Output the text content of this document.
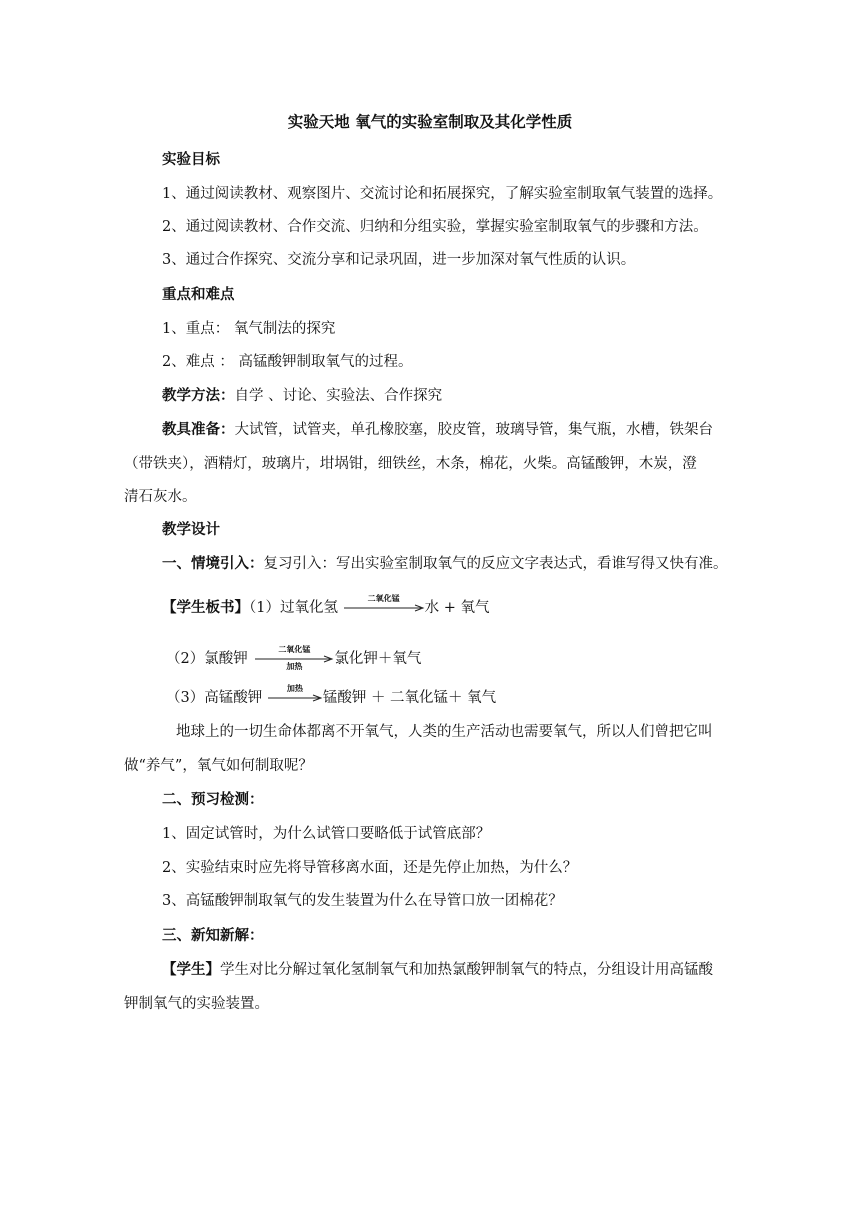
实验天地 氧气的实验室制取及其化学性质
实验目标
1、通过阅读教材、观察图片、交流讨论和拓展探究，了解实验室制取氧气装置的选择。
2、通过阅读教材、合作交流、归纳和分组实验，掌握实验室制取氧气的步骤和方法。
3、通过合作探究、交流分享和记录巩固，进一步加深对氧气性质的认识。
重点和难点
1、重点： 氧气制法的探究
2、难点 ： 高锰酸钾制取氧气的过程。
教学方法：自学 、讨论、实验法、合作探究
教具准备：大试管，试管夹，单孔橡胶塞，胶皮管，玻璃导管，集气瓶，水槽，铁架台
（带铁夹），酒精灯，玻璃片，坩埚钳，细铁丝，木条，棉花，火柴。高锰酸钾，木炭，澄
清石灰水。
教学设计
一、情境引入：复习引入：写出实验室制取氧气的反应文字表达式，看谁写得又快有准。
【学生板书】（1）过氧化氢
二氧化锰
水 + 氧气
（2）氯酸钾
二氧化锰
加热	氯化钾＋氧气
（3）高锰酸钾
加热
锰酸钾 ＋ 二氧化锰＋ 氧气
地球上的一切生命体都离不开氧气，人类的生产活动也需要氧气，所以人们曾把它叫
做“养气”，氧气如何制取呢？
二、预习检测：
1、固定试管时，为什么试管口要略低于试管底部？
2、实验结束时应先将导管移离水面，还是先停止加热，为什么？
3、高锰酸钾制取氧气的发生装置为什么在导管口放一团棉花？
三、新知新解：
【学生】学生对比分解过氧化氢制氧气和加热氯酸钾制氧气的特点，分组设计用高锰酸
钾制氧气的实验装置。
